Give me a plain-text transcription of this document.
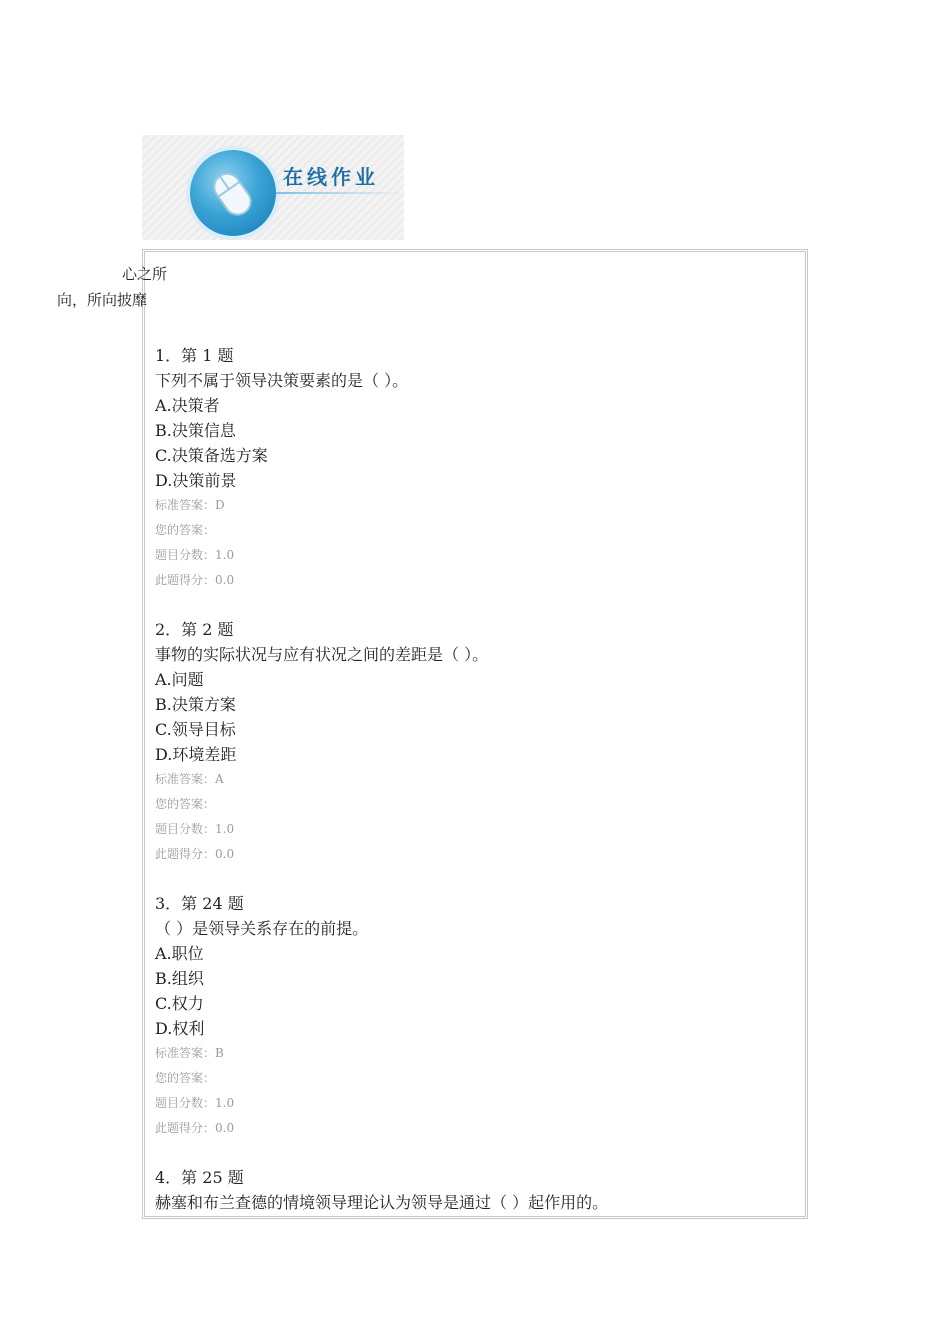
在线作业
心之所
向，所向披靡
1．第 1 题
下列不属于领导决策要素的是（ ）。
A.决策者
B.决策信息
C.决策备选方案
D.决策前景
标准答案：D
您的答案：
题目分数：1.0
此题得分：0.0
2．第 2 题
事物的实际状况与应有状况之间的差距是（ ）。
A.问题
B.决策方案
C.领导目标
D.环境差距
标准答案：A
您的答案：
题目分数：1.0
此题得分：0.0
3．第 24 题
（ ）是领导关系存在的前提。
A.职位
B.组织
C.权力
D.权利
标准答案：B
您的答案：
题目分数：1.0
此题得分：0.0
4．第 25 题
赫塞和布兰查德的情境领导理论认为领导是通过（ ）起作用的。
